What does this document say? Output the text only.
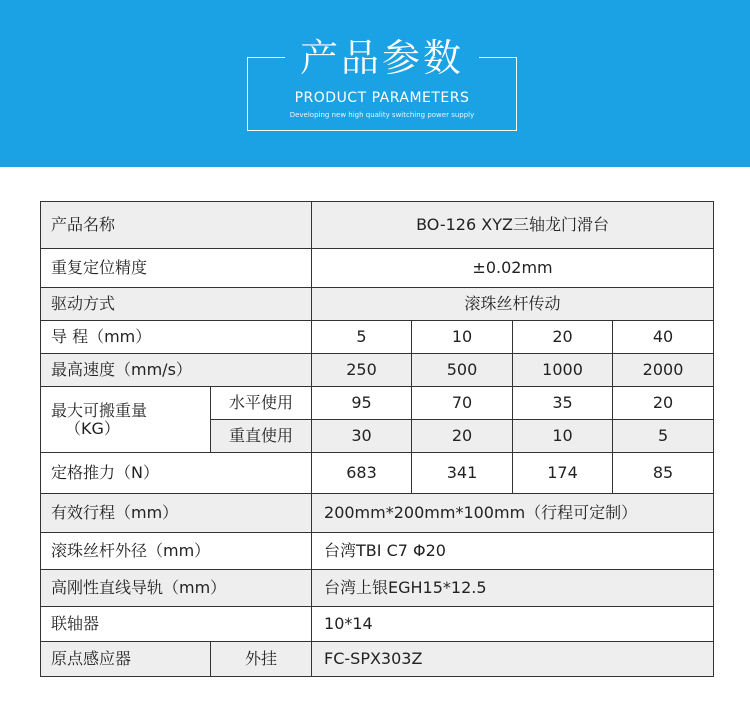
产品参数
PRODUCT PARAMETERS
Developing new high quality switching power supply
产品名称		BO-126 XYZ三轴龙门滑台			
重复定位精度		±0.02mm			
驱动方式		滚珠丝杆传动			
导 程（mm）		5	10	20	40
最高速度（mm/s）		250	500	1000	2000

最大可搬重量
（KG）	水平使用	95	70	35	20
	重直使用	30	20	10	5
定格推力（N）		683	341	174	85
有效行程（mm）		200mm*200mm*100mm（行程可定制）			
滚珠丝杆外径（mm）		台湾TBI C7 Φ20			
高刚性直线导轨（mm）		台湾上银EGH15*12.5			
联轴器		10*14			
原点感应器	外挂	FC-SPX303Z			
